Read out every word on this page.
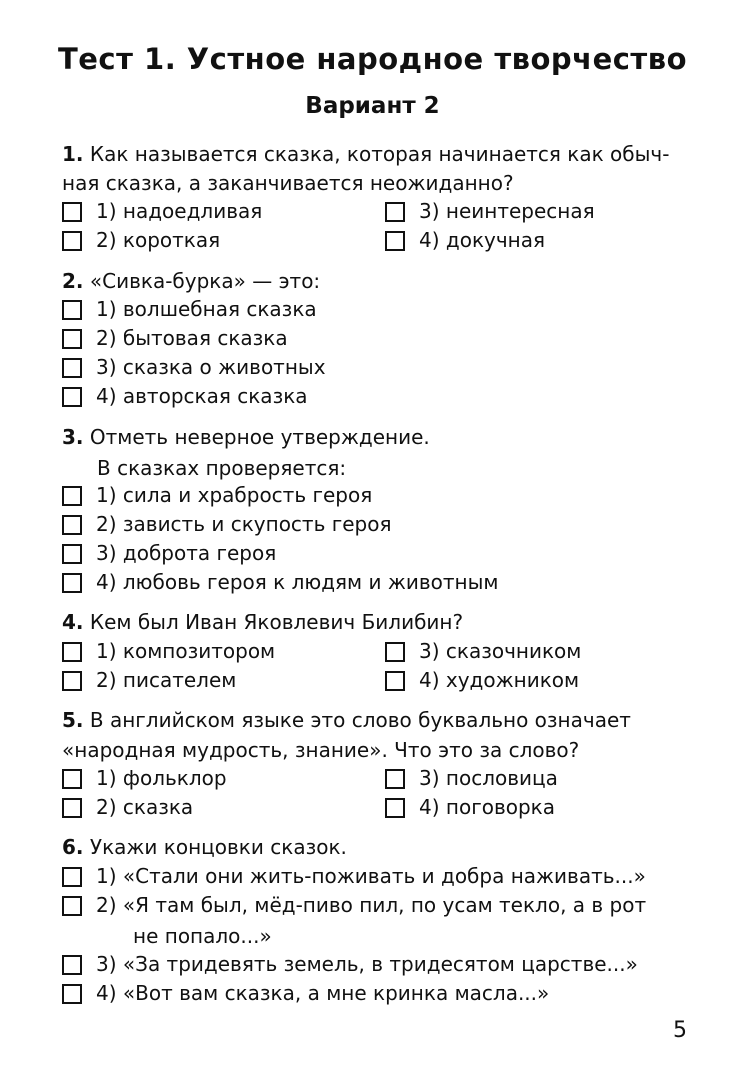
Тест 1. Устное народное творчество
Вариант 2
1. Как называется сказка, которая начинается как обыч-
ная сказка, а заканчивается неожиданно?
1) надоедливая
2) короткая
3) неинтересная
4) докучная
2. «Сивка-бурка» — это:
1) волшебная сказка
2) бытовая сказка
3) сказка о животных
4) авторская сказка
3. Отметь неверное утверждение.
В сказках проверяется:
1) сила и храбрость героя
2) зависть и скупость героя
3) доброта героя
4) любовь героя к людям и животным
4. Кем был Иван Яковлевич Билибин?
1) композитором
2) писателем
3) сказочником
4) художником
5. В английском языке это слово буквально означает
«народная мудрость, знание». Что это за слово?
1) фольклор
2) сказка
3) пословица
4) поговорка
6. Укажи концовки сказок.
1) «Стали они жить-поживать и добра наживать...»
2) «Я там был, мёд-пиво пил, по усам текло, а в рот
не попало...»
3) «За тридевять земель, в тридесятом царстве...»
4) «Вот вам сказка, а мне кринка масла...»
5
